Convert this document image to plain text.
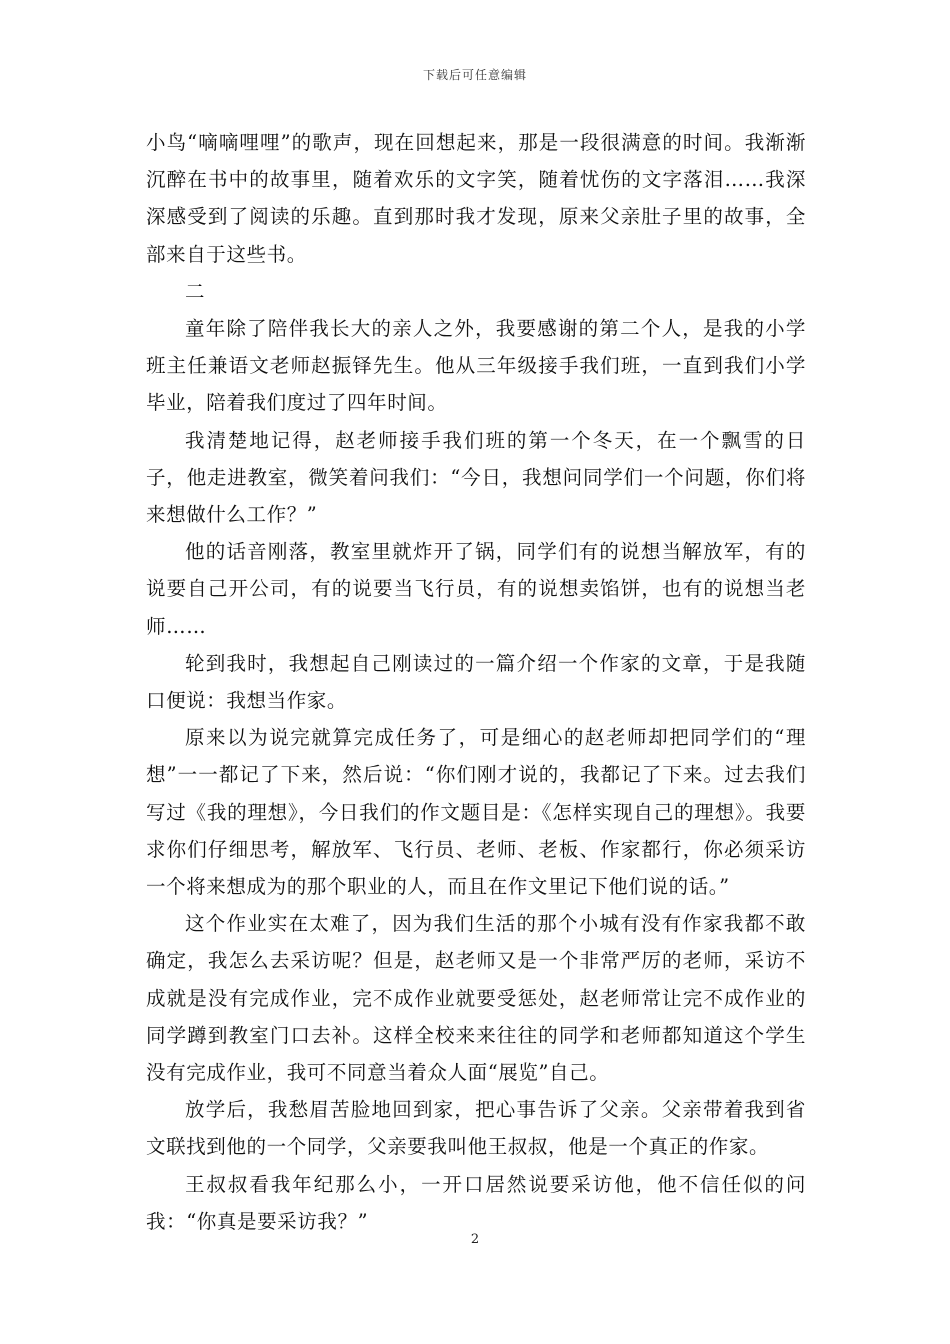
下载后可任意编辑

小鸟“嘀嘀哩哩”的歌声，现在回想起来，那是一段很满意的时间。我渐渐沉醉在书中的故事里，随着欢乐的文字笑，随着忧伤的文字落泪……我深深感受到了阅读的乐趣。直到那时我才发现，原来父亲肚子里的故事，全部来自于这些书。

二

童年除了陪伴我长大的亲人之外，我要感谢的第二个人，是我的小学班主任兼语文老师赵振铎先生。他从三年级接手我们班，一直到我们小学毕业，陪着我们度过了四年时间。

我清楚地记得，赵老师接手我们班的第一个冬天，在一个飘雪的日子，他走进教室，微笑着问我们：“今日，我想问同学们一个问题，你们将来想做什么工作？”

他的话音刚落，教室里就炸开了锅，同学们有的说想当解放军，有的说要自己开公司，有的说要当飞行员，有的说想卖馅饼，也有的说想当老师……

轮到我时，我想起自己刚读过的一篇介绍一个作家的文章，于是我随口便说：我想当作家。

原来以为说完就算完成任务了，可是细心的赵老师却把同学们的“理想”一一都记了下来，然后说：“你们刚才说的，我都记了下来。过去我们写过《我的理想》，今日我们的作文题目是：《怎样实现自己的理想》。我要求你们仔细思考，解放军、飞行员、老师、老板、作家都行，你必须采访一个将来想成为的那个职业的人，而且在作文里记下他们说的话。”

这个作业实在太难了，因为我们生活的那个小城有没有作家我都不敢确定，我怎么去采访呢？但是，赵老师又是一个非常严厉的老师，采访不成就是没有完成作业，完不成作业就要受惩处，赵老师常让完不成作业的同学蹲到教室门口去补。这样全校来来往往的同学和老师都知道这个学生没有完成作业，我可不同意当着众人面“展览”自己。

放学后，我愁眉苦脸地回到家，把心事告诉了父亲。父亲带着我到省文联找到他的一个同学，父亲要我叫他王叔叔，他是一个真正的作家。

王叔叔看我年纪那么小，一开口居然说要采访他，他不信任似的问我：“你真是要采访我？”

2
